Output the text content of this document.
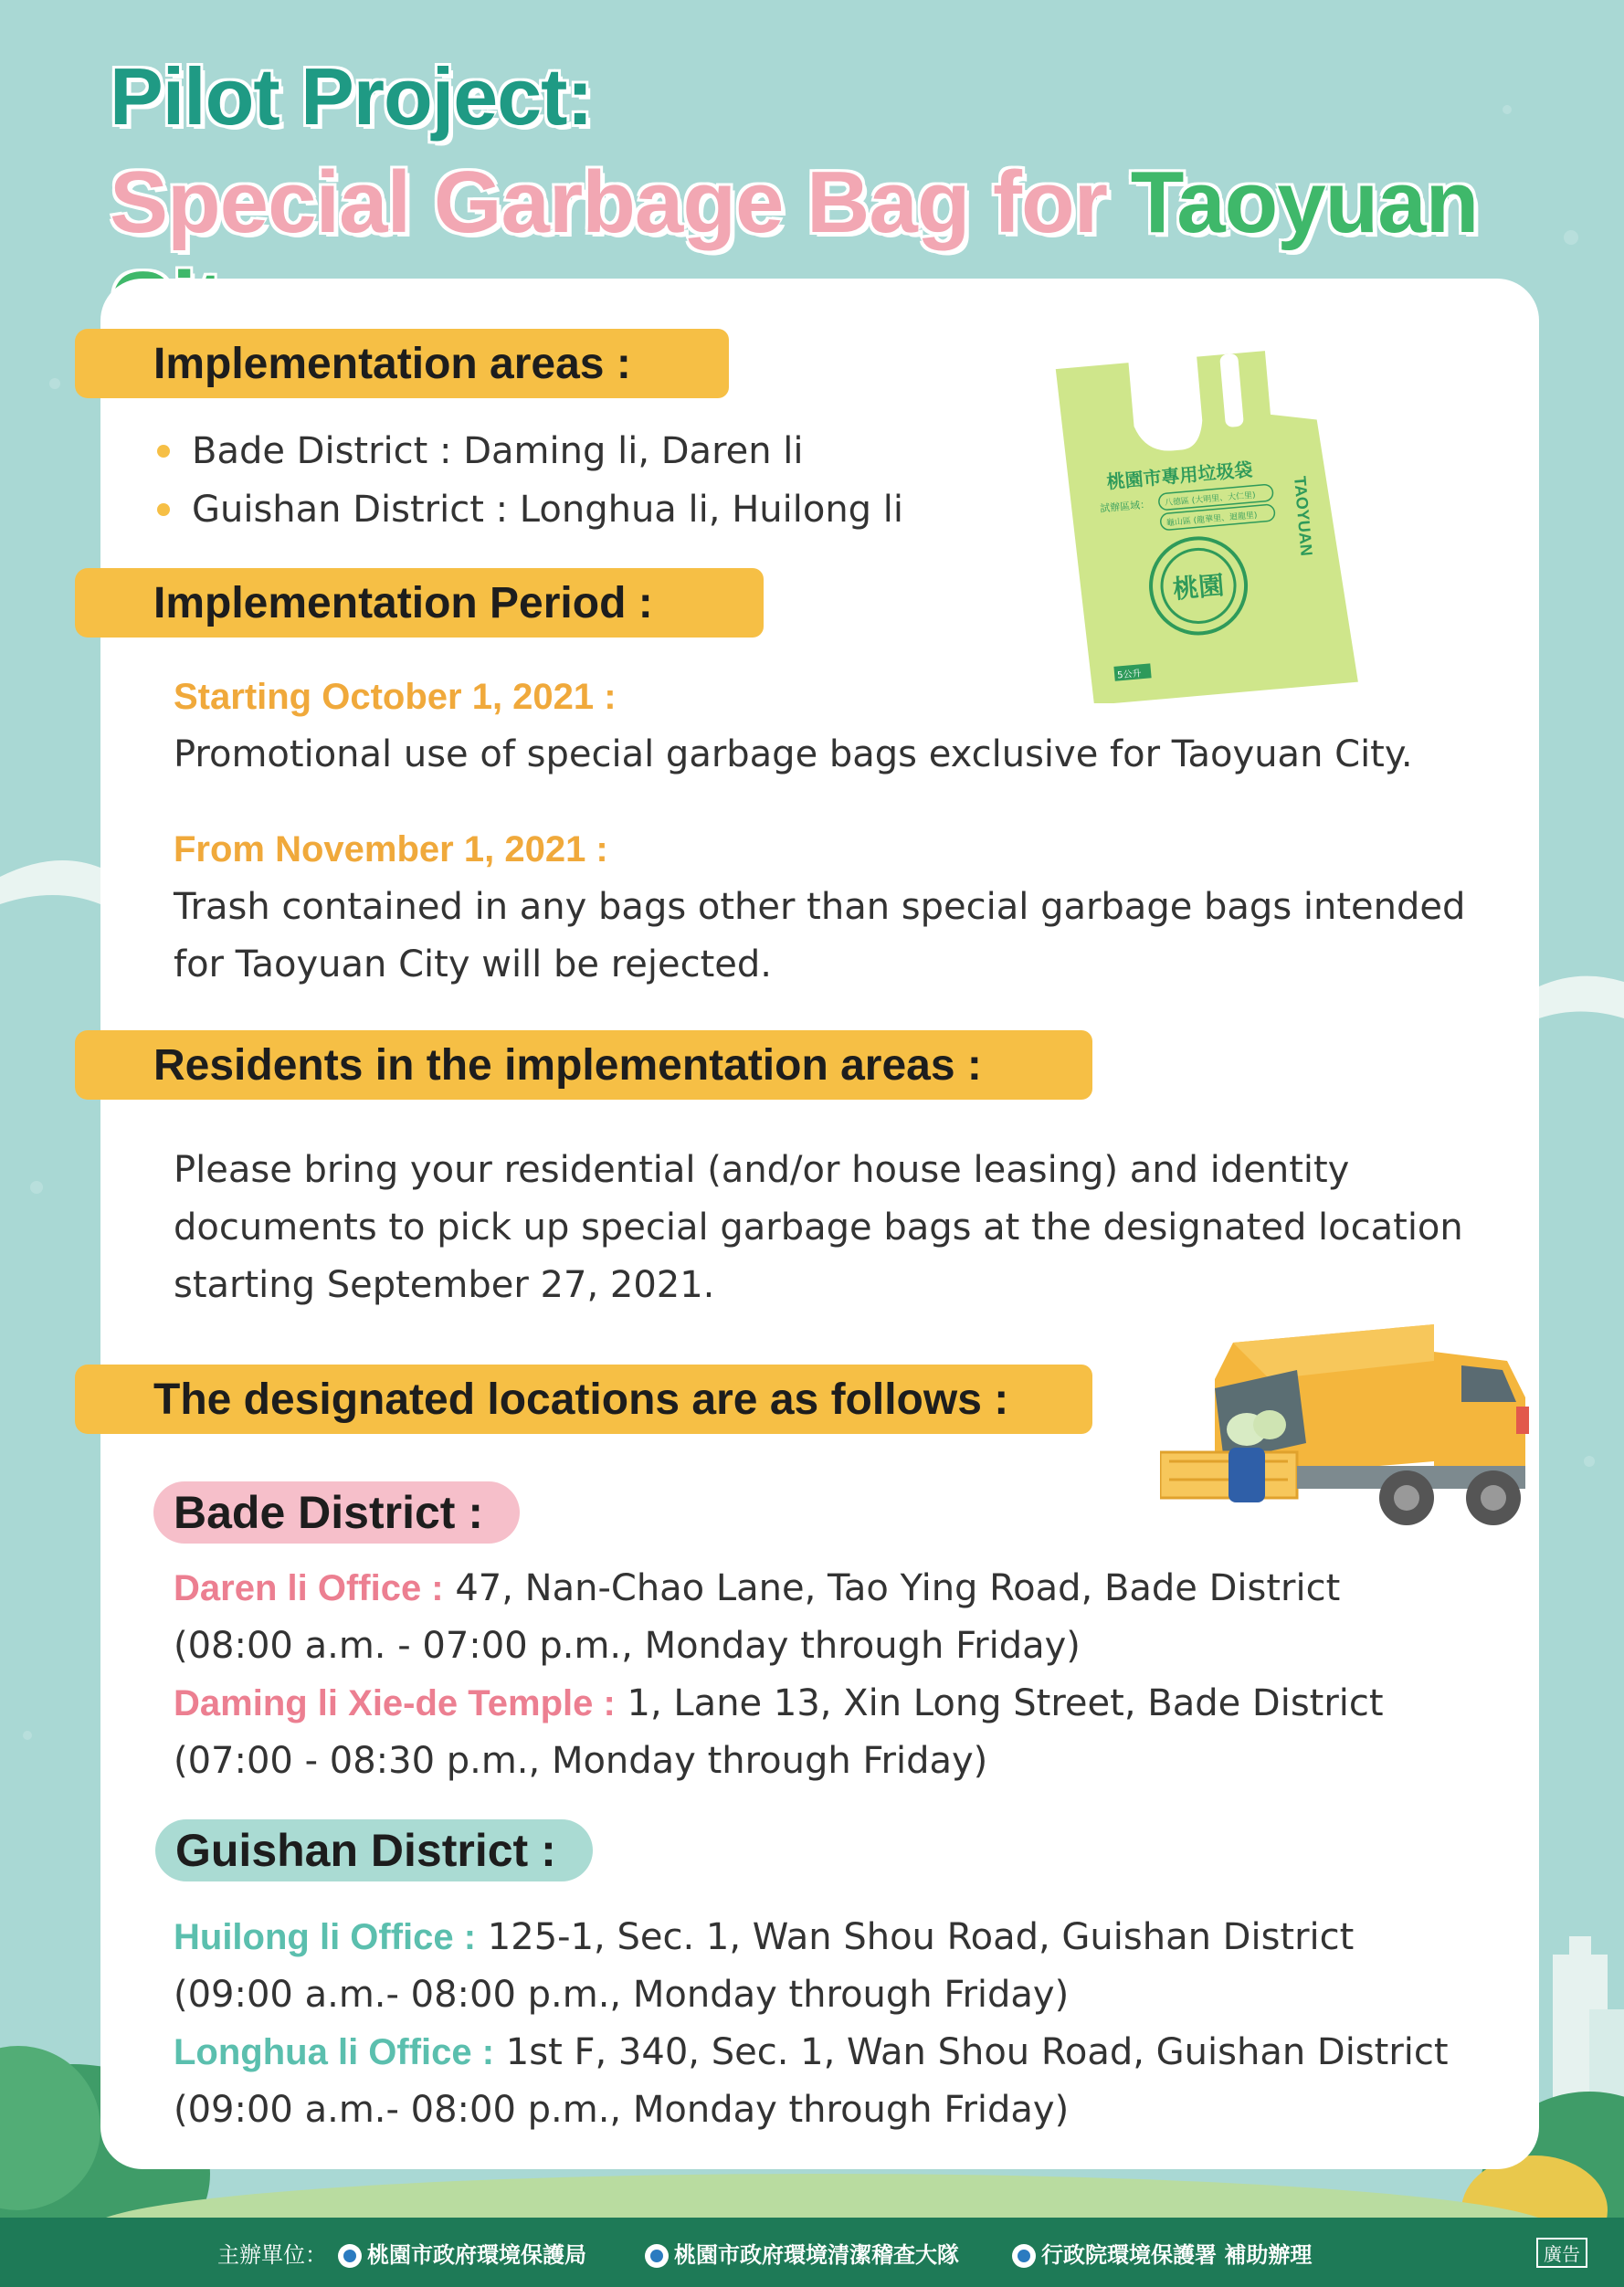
Pilot Project:
Special Garbage Bag for Taoyuan
Implementation areas :
Bade District : Daming li, Daren li
Guishan District : Longhua li, Huilong li
桃園市專用垃圾袋
試辦區域： 八德區 (大明里、大仁里)
龜山區 (龍華里、迴龍里)
桃園
TAOYUAN
5公升
Implementation Period :
Starting October 1, 2021 :
Promotional use of special garbage bags exclusive for Taoyuan City.
From November 1, 2021 :
Trash contained in any bags other than special garbage bags intended
for Taoyuan City will be rejected.
Residents in the implementation areas :
Please bring your residential (and/or house leasing) and identity
documents to pick up special garbage bags at the designated location
starting September 27, 2021.
The designated locations are as follows :
Bade District :
Daren li Office : 47, Nan-Chao Lane, Tao Ying Road, Bade District
(08:00 a.m. - 07:00 p.m., Monday through Friday)
Daming li Xie-de Temple : 1, Lane 13, Xin Long Street, Bade District
(07:00 - 08:30 p.m., Monday through Friday)
Guishan District :
Huilong li Office : 125-1, Sec. 1, Wan Shou Road, Guishan District
(09:00 a.m.- 08:00 p.m., Monday through Friday)
Longhua li Office : 1st F, 340, Sec. 1, Wan Shou Road, Guishan District
(09:00 a.m.- 08:00 p.m., Monday through Friday)
主辦單位：	桃園市政府環境保護局	桃園市政府環境清潔稽查大隊	行政院環境保護署 補助辦理	廣告
